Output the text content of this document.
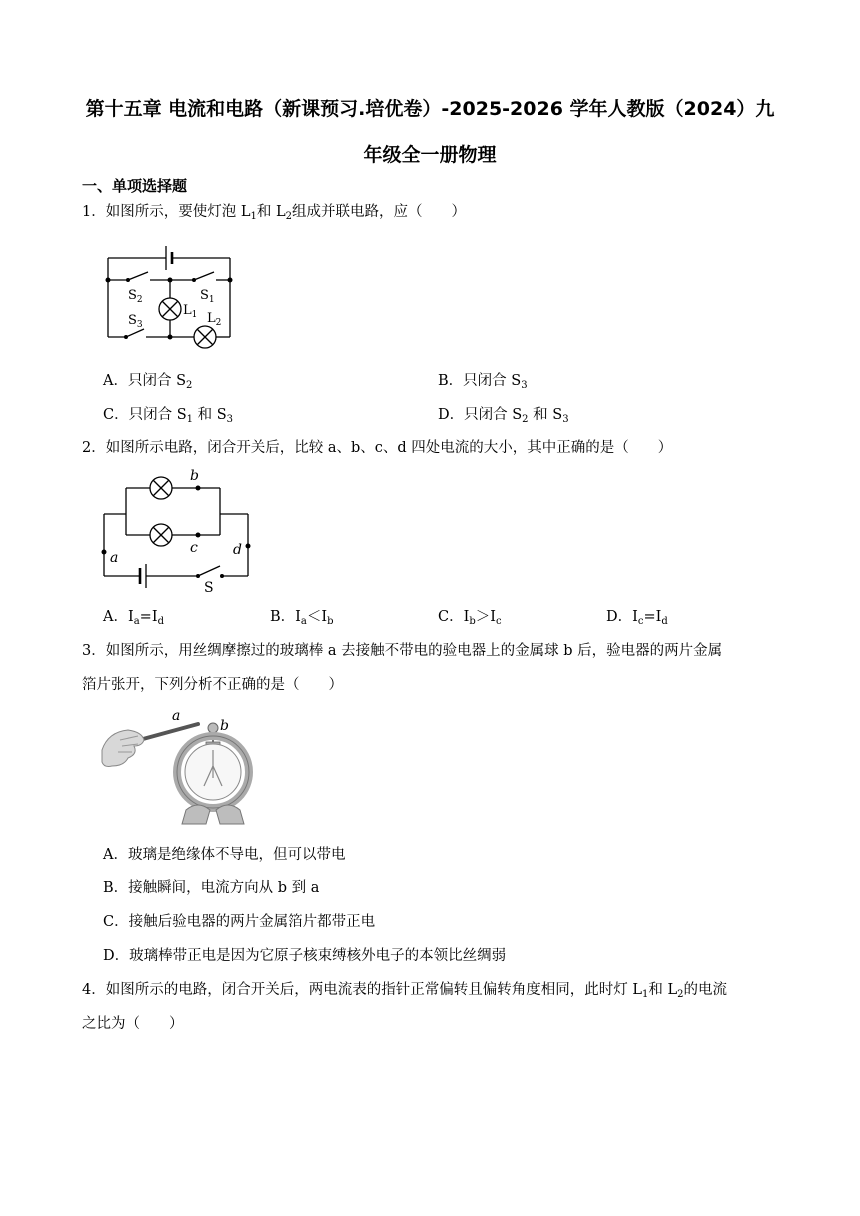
第十五章 电流和电路（新课预习.培优卷）-2025-2026 学年人教版（2024）九
年级全一册物理
一、单项选择题
1．如图所示，要使灯泡 $L_1$和 $L_2$组成并联电路，应（　　）
$S_2$	$S_1$
$S_3$
$L_1$ $L_2$
A．只闭合 $S_2$	B．只闭合 $S_3$
C．只闭合 $S_1$ 和 $S_3$	D．只闭合 $S_2$ 和 $S_3$
2．如图所示电路，闭合开关后，比较 a、b、c、d 四处电流的大小，其中正确的是（　　）
b
c
a	d
S
A．$I_a=I_d$	B．$I_a<I_b$	C．$I_b>I_c$	D．$I_c=I_d$
3．如图所示，用丝绸摩擦过的玻璃棒 a 去接触不带电的验电器上的金属球 b 后，验电器的两片金属
箔片张开，下列分析不正确的是（　　）
a
b
A．玻璃是绝缘体不导电，但可以带电
B．接触瞬间，电流方向从 b 到 a
C．接触后验电器的两片金属箔片都带正电
D．玻璃棒带正电是因为它原子核束缚核外电子的本领比丝绸弱
4．如图所示的电路，闭合开关后，两电流表的指针正常偏转且偏转角度相同，此时灯 $L_1$和 $L_2$的电流
之比为（　　）
